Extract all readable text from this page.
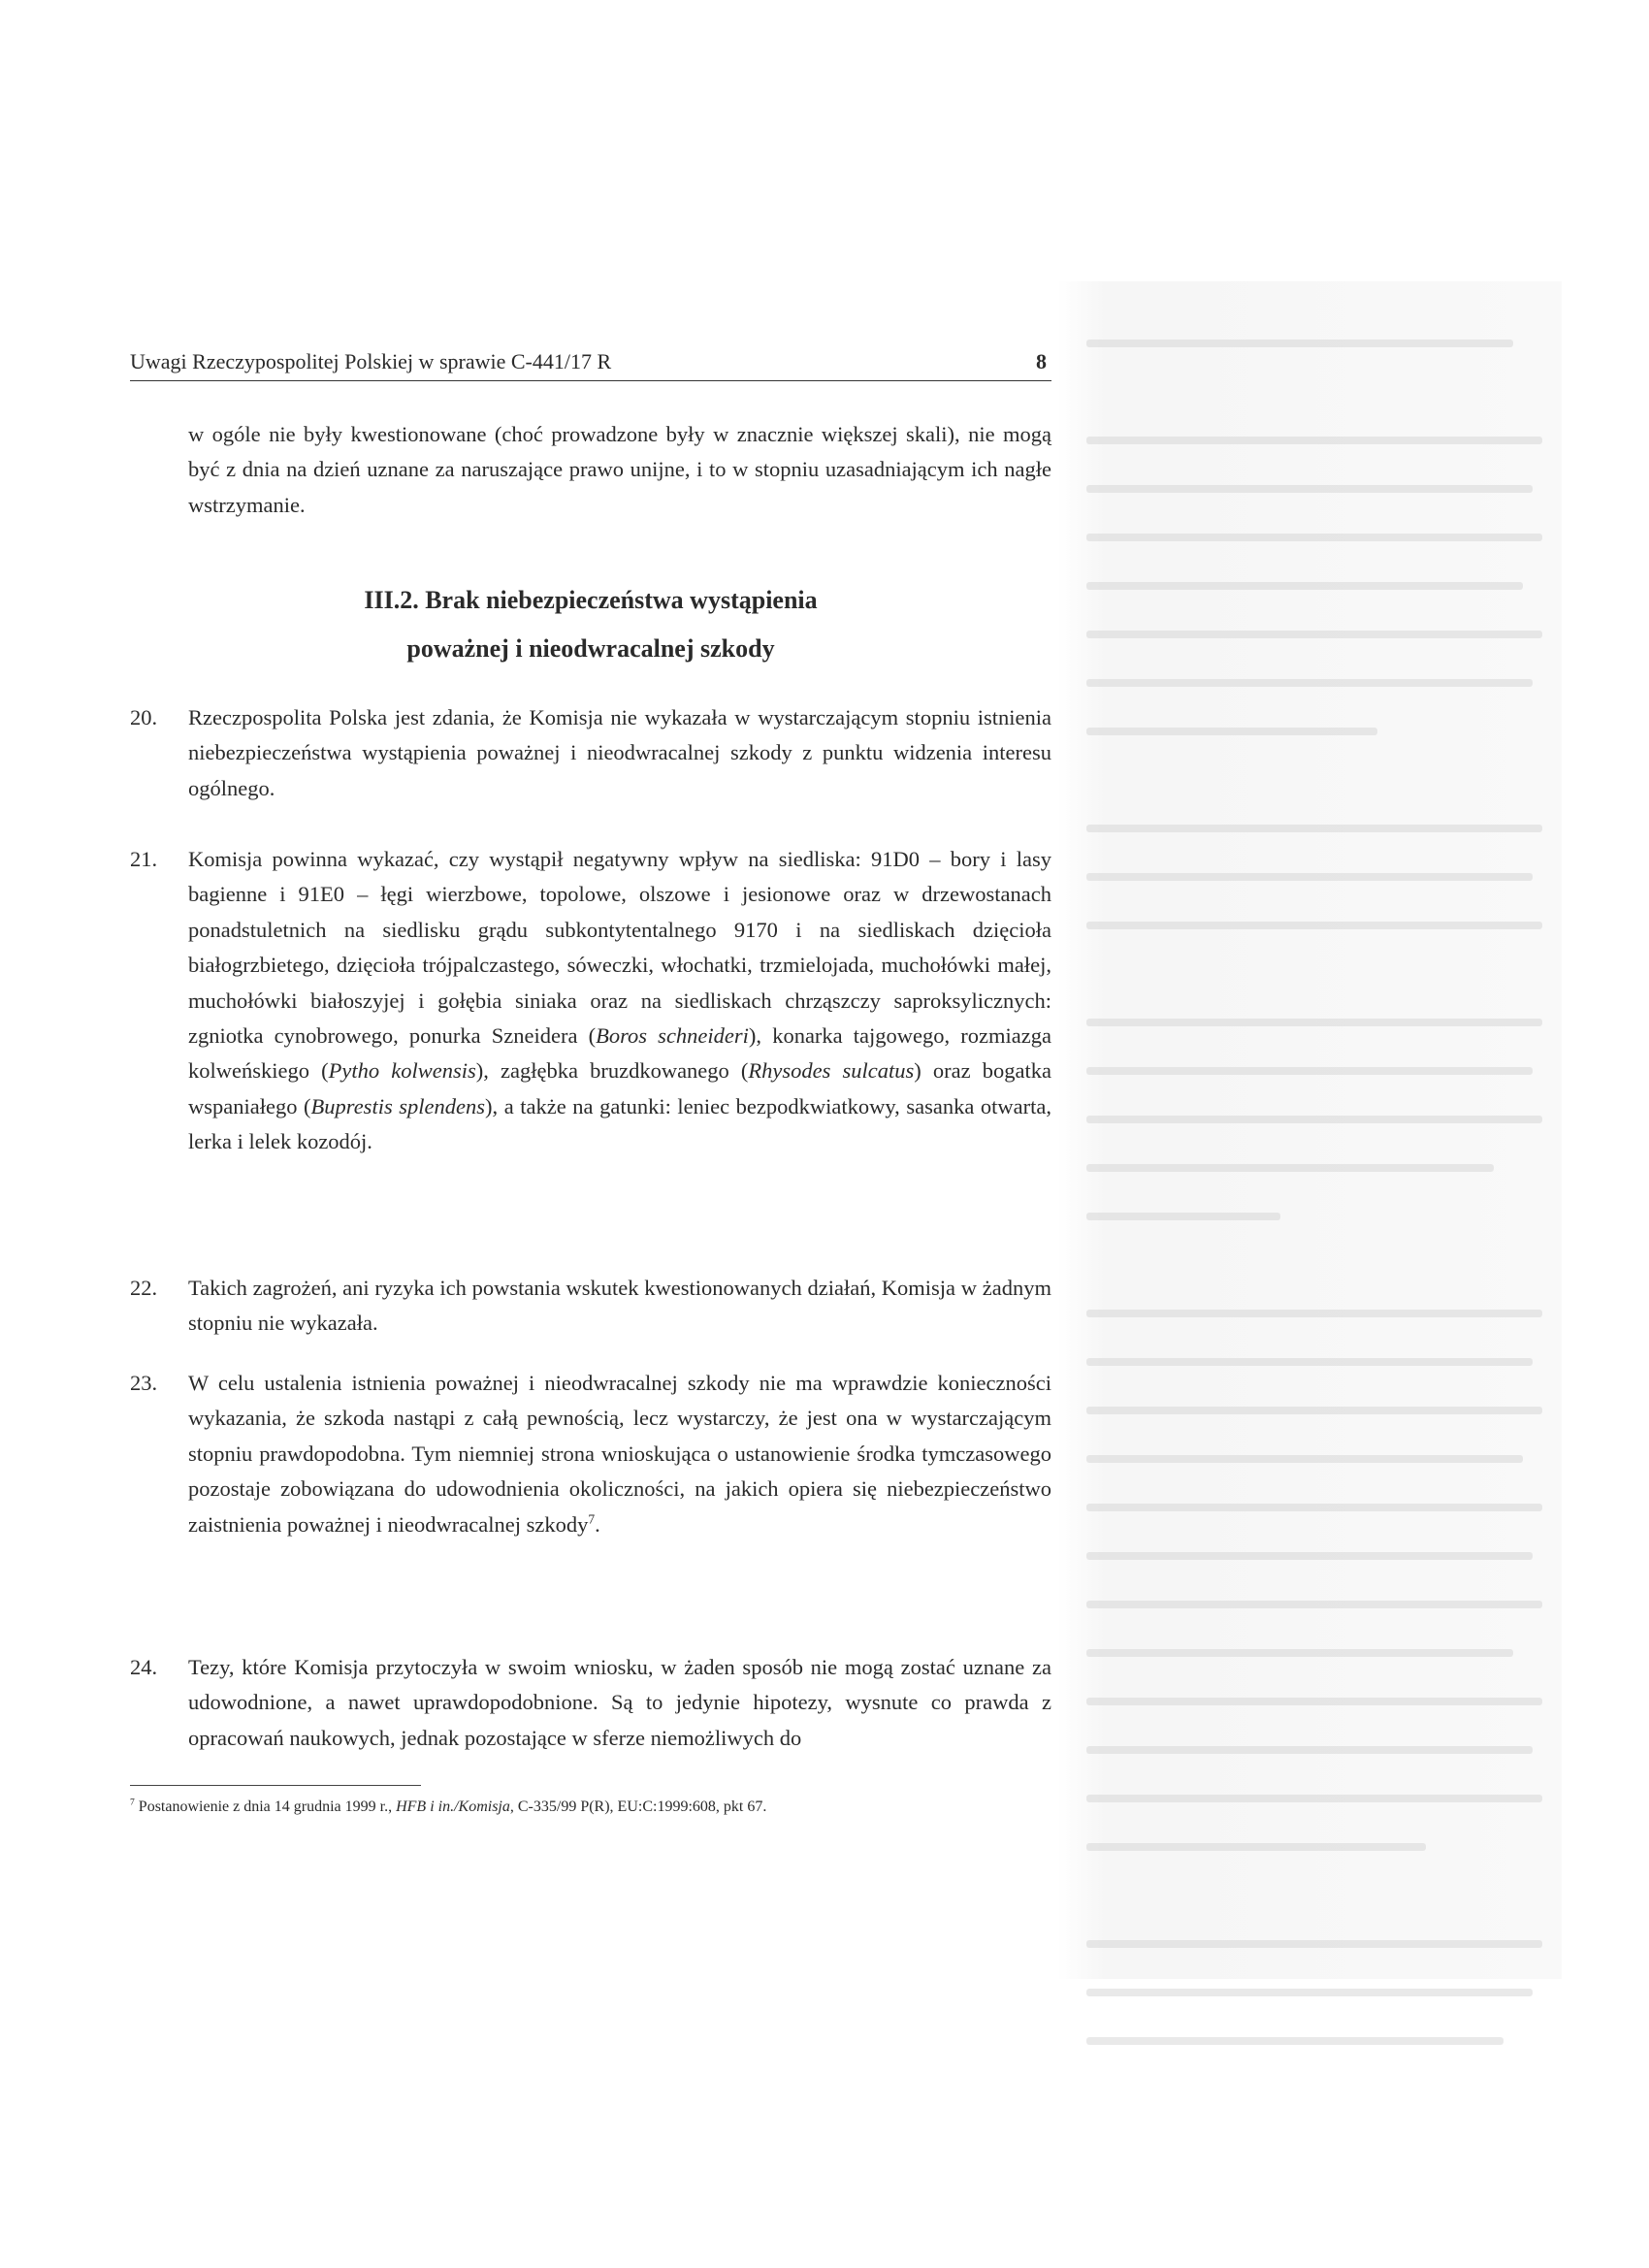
Uwagi Rzeczypospolitej Polskiej w sprawie C-441/17 R	8
w ogóle nie były kwestionowane (choć prowadzone były w znacznie większej skali), nie mogą być z dnia na dzień uznane za naruszające prawo unijne, i to w stopniu uzasadniającym ich nagłe wstrzymanie.
III.2. Brak niebezpieczeństwa wystąpienia
poważnej i nieodwracalnej szkody
20.	Rzeczpospolita Polska jest zdania, że Komisja nie wykazała w wystarczającym stopniu istnienia niebezpieczeństwa wystąpienia poważnej i nieodwracalnej szkody z punktu widzenia interesu ogólnego.
21.	Komisja powinna wykazać, czy wystąpił negatywny wpływ na siedliska: 91D0 – bory i lasy bagienne i 91E0 – łęgi wierzbowe, topolowe, olszowe i jesionowe oraz w drzewostanach ponadstuletnich na siedlisku grądu subkontytentalnego 9170 i na siedliskach dzięcioła białogrzbietego, dzięcioła trójpalczastego, sóweczki, włochatki, trzmielojada, muchołówki małej, muchołówki białoszyjej i gołębia siniaka oraz na siedliskach chrząszczy saproksylicznych: zgniotka cynobrowego, ponurka Szneidera (Boros schneideri), konarka tajgowego, rozmiazga kolweńskiego (Pytho kolwensis), zagłębka bruzdkowanego (Rhysodes sulcatus) oraz bogatka wspaniałego (Buprestis splendens), a także na gatunki: leniec bezpodkwiatkowy, sasanka otwarta, lerka i lelek kozodój.
22.	Takich zagrożeń, ani ryzyka ich powstania wskutek kwestionowanych działań, Komisja w żadnym stopniu nie wykazała.
23.	W celu ustalenia istnienia poważnej i nieodwracalnej szkody nie ma wprawdzie konieczności wykazania, że szkoda nastąpi z całą pewnością, lecz wystarczy, że jest ona w wystarczającym stopniu prawdopodobna. Tym niemniej strona wnioskująca o ustanowienie środka tymczasowego pozostaje zobowiązana do udowodnienia okoliczności, na jakich opiera się niebezpieczeństwo zaistnienia poważnej i nieodwracalnej szkody$^7$.
24.	Tezy, które Komisja przytoczyła w swoim wniosku, w żaden sposób nie mogą zostać uznane za udowodnione, a nawet uprawdopodobnione. Są to jedynie hipotezy, wysnute co prawda z opracowań naukowych, jednak pozostające w sferze niemożliwych do
$^7$ Postanowienie z dnia 14 grudnia 1999 r., HFB i in./Komisja, C-335/99 P(R), EU:C:1999:608, pkt 67.
